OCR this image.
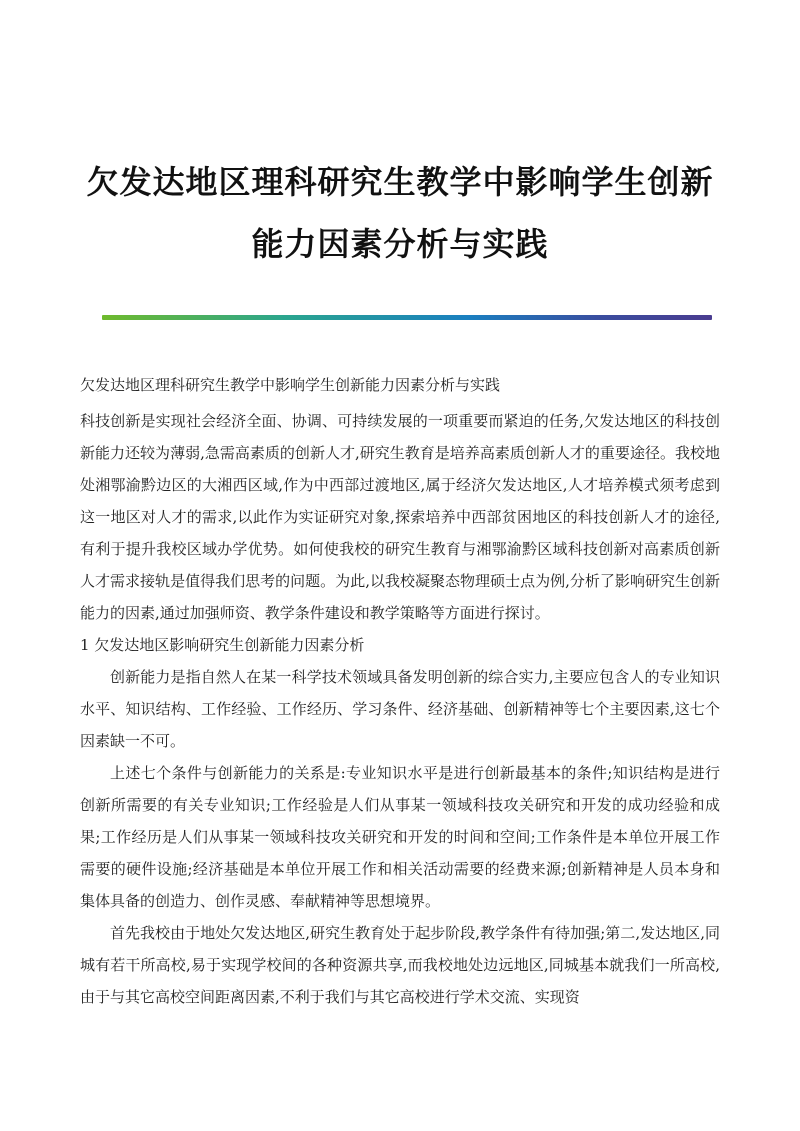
欠发达地区理科研究生教学中影响学生创新
能力因素分析与实践

欠发达地区理科研究生教学中影响学生创新能力因素分析与实践

科技创新是实现社会经济全面、协调、可持续发展的一项重要而紧迫的任务,欠发达地区的科技创新能力还较为薄弱,急需高素质的创新人才,研究生教育是培养高素质创新人才的重要途径。我校地处湘鄂渝黔边区的大湘西区域,作为中西部过渡地区,属于经济欠发达地区,人才培养模式须考虑到这一地区对人才的需求,以此作为实证研究对象,探索培养中西部贫困地区的科技创新人才的途径,有利于提升我校区域办学优势。如何使我校的研究生教育与湘鄂渝黔区域科技创新对高素质创新人才需求接轨是值得我们思考的问题。为此,以我校凝聚态物理硕士点为例,分析了影响研究生创新能力的因素,通过加强师资、教学条件建设和教学策略等方面进行探讨。

1 欠发达地区影响研究生创新能力因素分析

创新能力是指自然人在某一科学技术领域具备发明创新的综合实力,主要应包含人的专业知识水平、知识结构、工作经验、工作经历、学习条件、经济基础、创新精神等七个主要因素,这七个因素缺一不可。

上述七个条件与创新能力的关系是:专业知识水平是进行创新最基本的条件;知识结构是进行创新所需要的有关专业知识;工作经验是人们从事某一领域科技攻关研究和开发的成功经验和成果;工作经历是人们从事某一领域科技攻关研究和开发的时间和空间;工作条件是本单位开展工作需要的硬件设施;经济基础是本单位开展工作和相关活动需要的经费来源;创新精神是人员本身和集体具备的创造力、创作灵感、奉献精神等思想境界。

首先我校由于地处欠发达地区,研究生教育处于起步阶段,教学条件有待加强;第二,发达地区,同城有若干所高校,易于实现学校间的各种资源共享,而我校地处边远地区,同城基本就我们一所高校,由于与其它高校空间距离因素,不利于我们与其它高校进行学术交流、实现资
